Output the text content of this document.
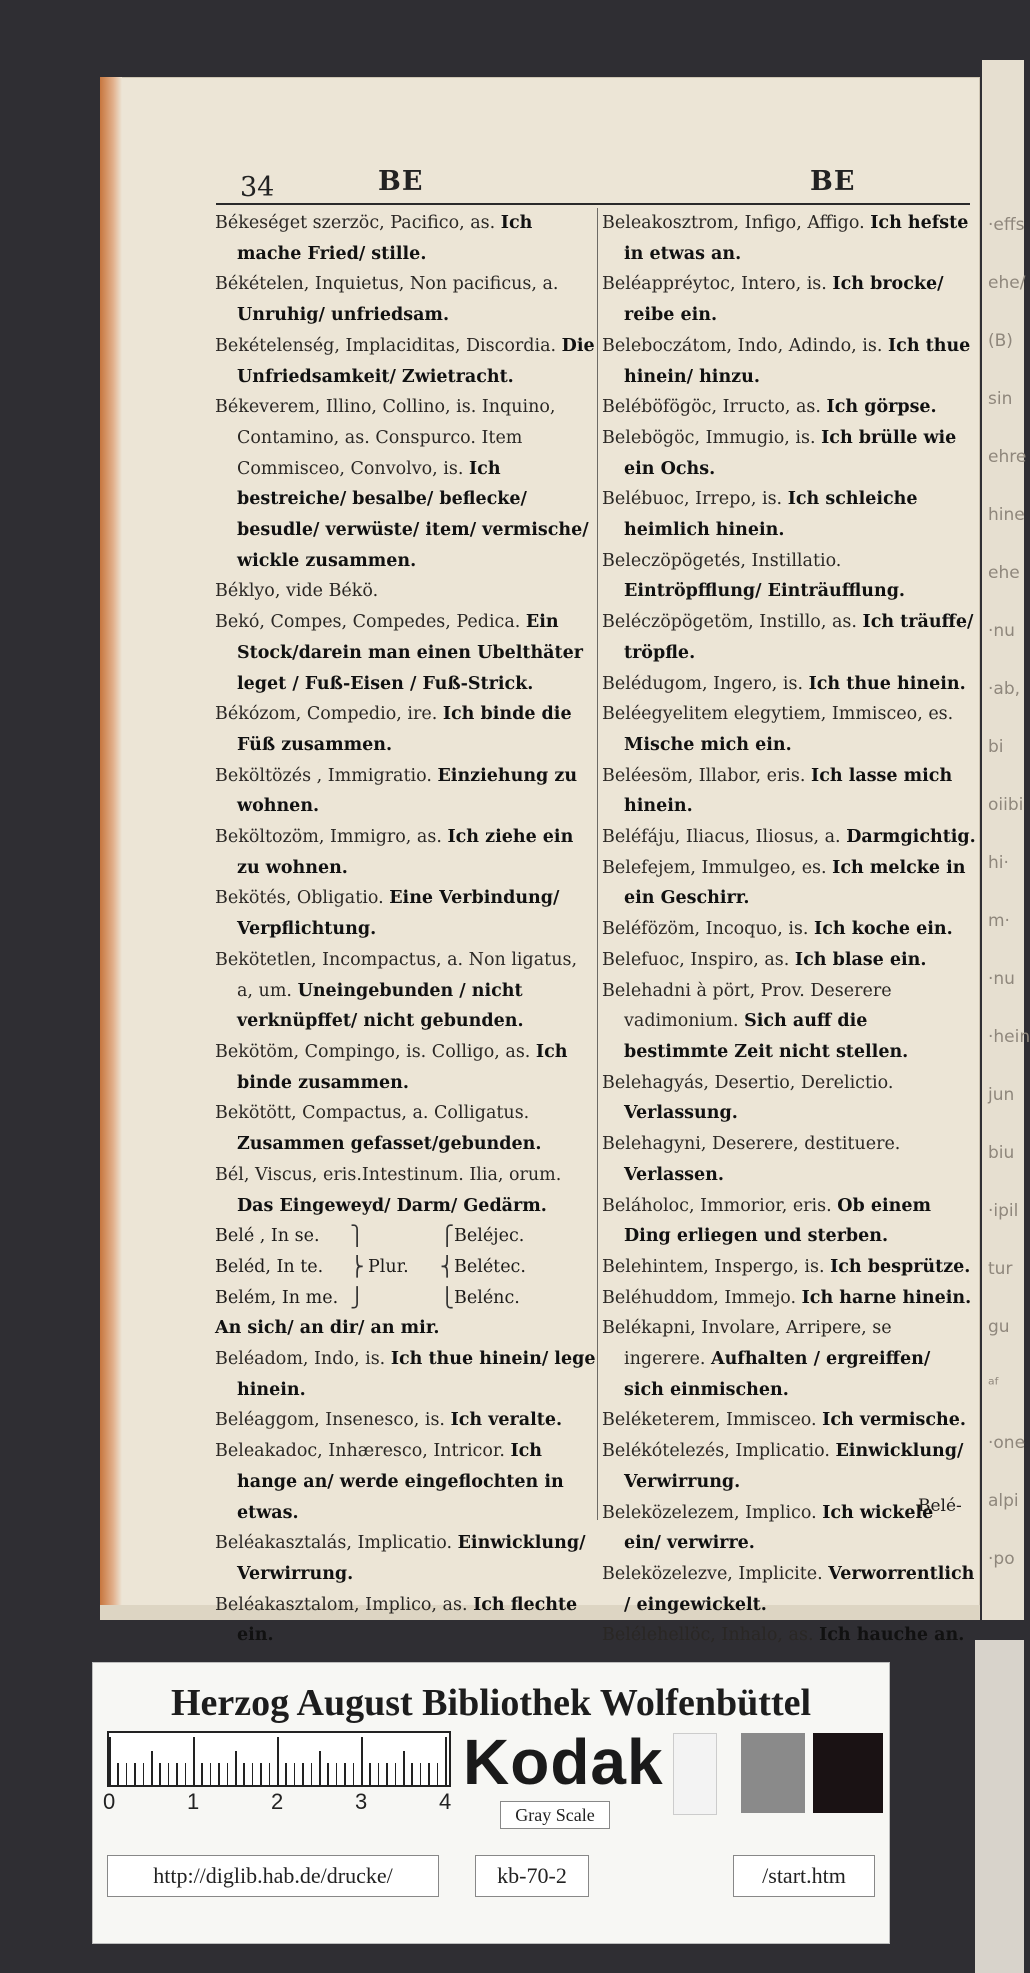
·effs
ehe/
(B)
sin
ehre
hine
ehe
·nu
·ab,
bi
oiibi
hi·
m·
·nu
·hein
jun
biu
·ipil
tur
gu
ᵃᶠ
·one
alpi
·po
34	BE	BE
Békeséget szerzöc, Pacifico, as. Ich mache Fried/ stille.
Békételen, Inquietus, Non pacificus, a. Unruhig/ unfriedsam.
Bekételenség, Implaciditas, Discordia. Die Unfriedsamkeit/ Zwietracht.
Békeverem, Illino, Collino, is. Inquino, Contamino, as. Conspurco. Item Commisceo, Convolvo, is. Ich bestreiche/ besalbe/ beflecke/ besudle/ verwüste/ item/ vermische/ wickle zusammen.
Béklyo, vide Békö.
Bekó, Compes, Compedes, Pedica. Ein Stock/darein man einen Ubelthäter leget / Fuß-Eisen / Fuß-Strick.
Békózom, Compedio, ire. Ich binde die Füß zusammen.
Beköltözés , Immigratio. Einziehung zu wohnen.
Beköltozöm, Immigro, as. Ich ziehe ein zu wohnen.
Bekötés, Obligatio. Eine Verbindung/ Verpflichtung.
Bekötetlen, Incompactus, a. Non ligatus, a, um. Uneingebunden / nicht verknüpffet/ nicht gebunden.
Bekötöm, Compingo, is. Colligo, as. Ich binde zusammen.
Bekötött, Compactus, a. Colligatus. Zusammen gefasset/gebunden.
Bél, Viscus, eris.Intestinum. Ilia, orum. Das Eingeweyd/ Darm/ Gedärm.
Belé , In se.	⎫	⎧ Beléjec.
Beléd, In te.	⎬ Plur.	⎨ Belétec.
Belém, In me. ⎭	⎩ Belénc.
An sich/ an dir/ an mir.
Beléadom, Indo, is. Ich thue hinein/ lege hinein.
Beléaggom, Insenesco, is. Ich veralte.
Beleakadoc, Inhæresco, Intricor. Ich hange an/ werde eingeflochten in etwas.
Beléakasztalás, Implicatio. Einwicklung/ Verwirrung.
Beléakasztalom, Implico, as. Ich flechte ein.
Beleakosztrom, Infigo, Affigo. Ich hefste in etwas an.
Beléappréytoc, Intero, is. Ich brocke/ reibe ein.
Beleboczátom, Indo, Adindo, is. Ich thue hinein/ hinzu.
Beléböfögöc, Irructo, as. Ich görpse.
Belebögöc, Immugio, is. Ich brülle wie ein Ochs.
Belébuoc, Irrepo, is. Ich schleiche heimlich hinein.
Beleczöpögetés, Instillatio. Eintröpfflung/ Einträufflung.
Beléczöpögetöm, Instillo, as. Ich träuffe/ tröpfle.
Belédugom, Ingero, is. Ich thue hinein.
Beléegyelitem elegytiem, Immisceo, es. Mische mich ein.
Beléesöm, Illabor, eris. Ich lasse mich hinein.
Beléfáju, Iliacus, Iliosus, a. Darmgichtig.
Belefejem, Immulgeo, es. Ich melcke in ein Geschirr.
Beléfözöm, Incoquo, is. Ich koche ein.
Belefuoc, Inspiro, as. Ich blase ein.
Belehadni à pört, Prov. Deserere vadimonium. Sich auff die bestimmte Zeit nicht stellen.
Belehagyás, Desertio, Derelictio. Verlassung.
Belehagyni, Deserere, destituere. Verlassen.
Beláholoc, Immorior, eris. Ob einem Ding erliegen und sterben.
Belehintem, Inspergo, is. Ich besprütze.
Beléhuddom, Immejo. Ich harne hinein.
Belékapni, Involare, Arripere, se ingerere. Aufhalten / ergreiffen/ sich einmischen.
Beléketerem, Immisceo. Ich vermische.
Belékótelezés, Implicatio. Einwicklung/ Verwirrung.
Beleközelezem, Implico. Ich wickele ein/ verwirre.
Beleközelezve, Implicite. Verworrentlich / eingewickelt.
Belélehellöc, Inhalo, as. Ich hauche an.
Belé-
Herzog August Bibliothek Wolfenbüttel
0	1	2	3	4
Kodak
Gray Scale
http://diglib.hab.de/drucke/	kb-70-2	/start.htm
